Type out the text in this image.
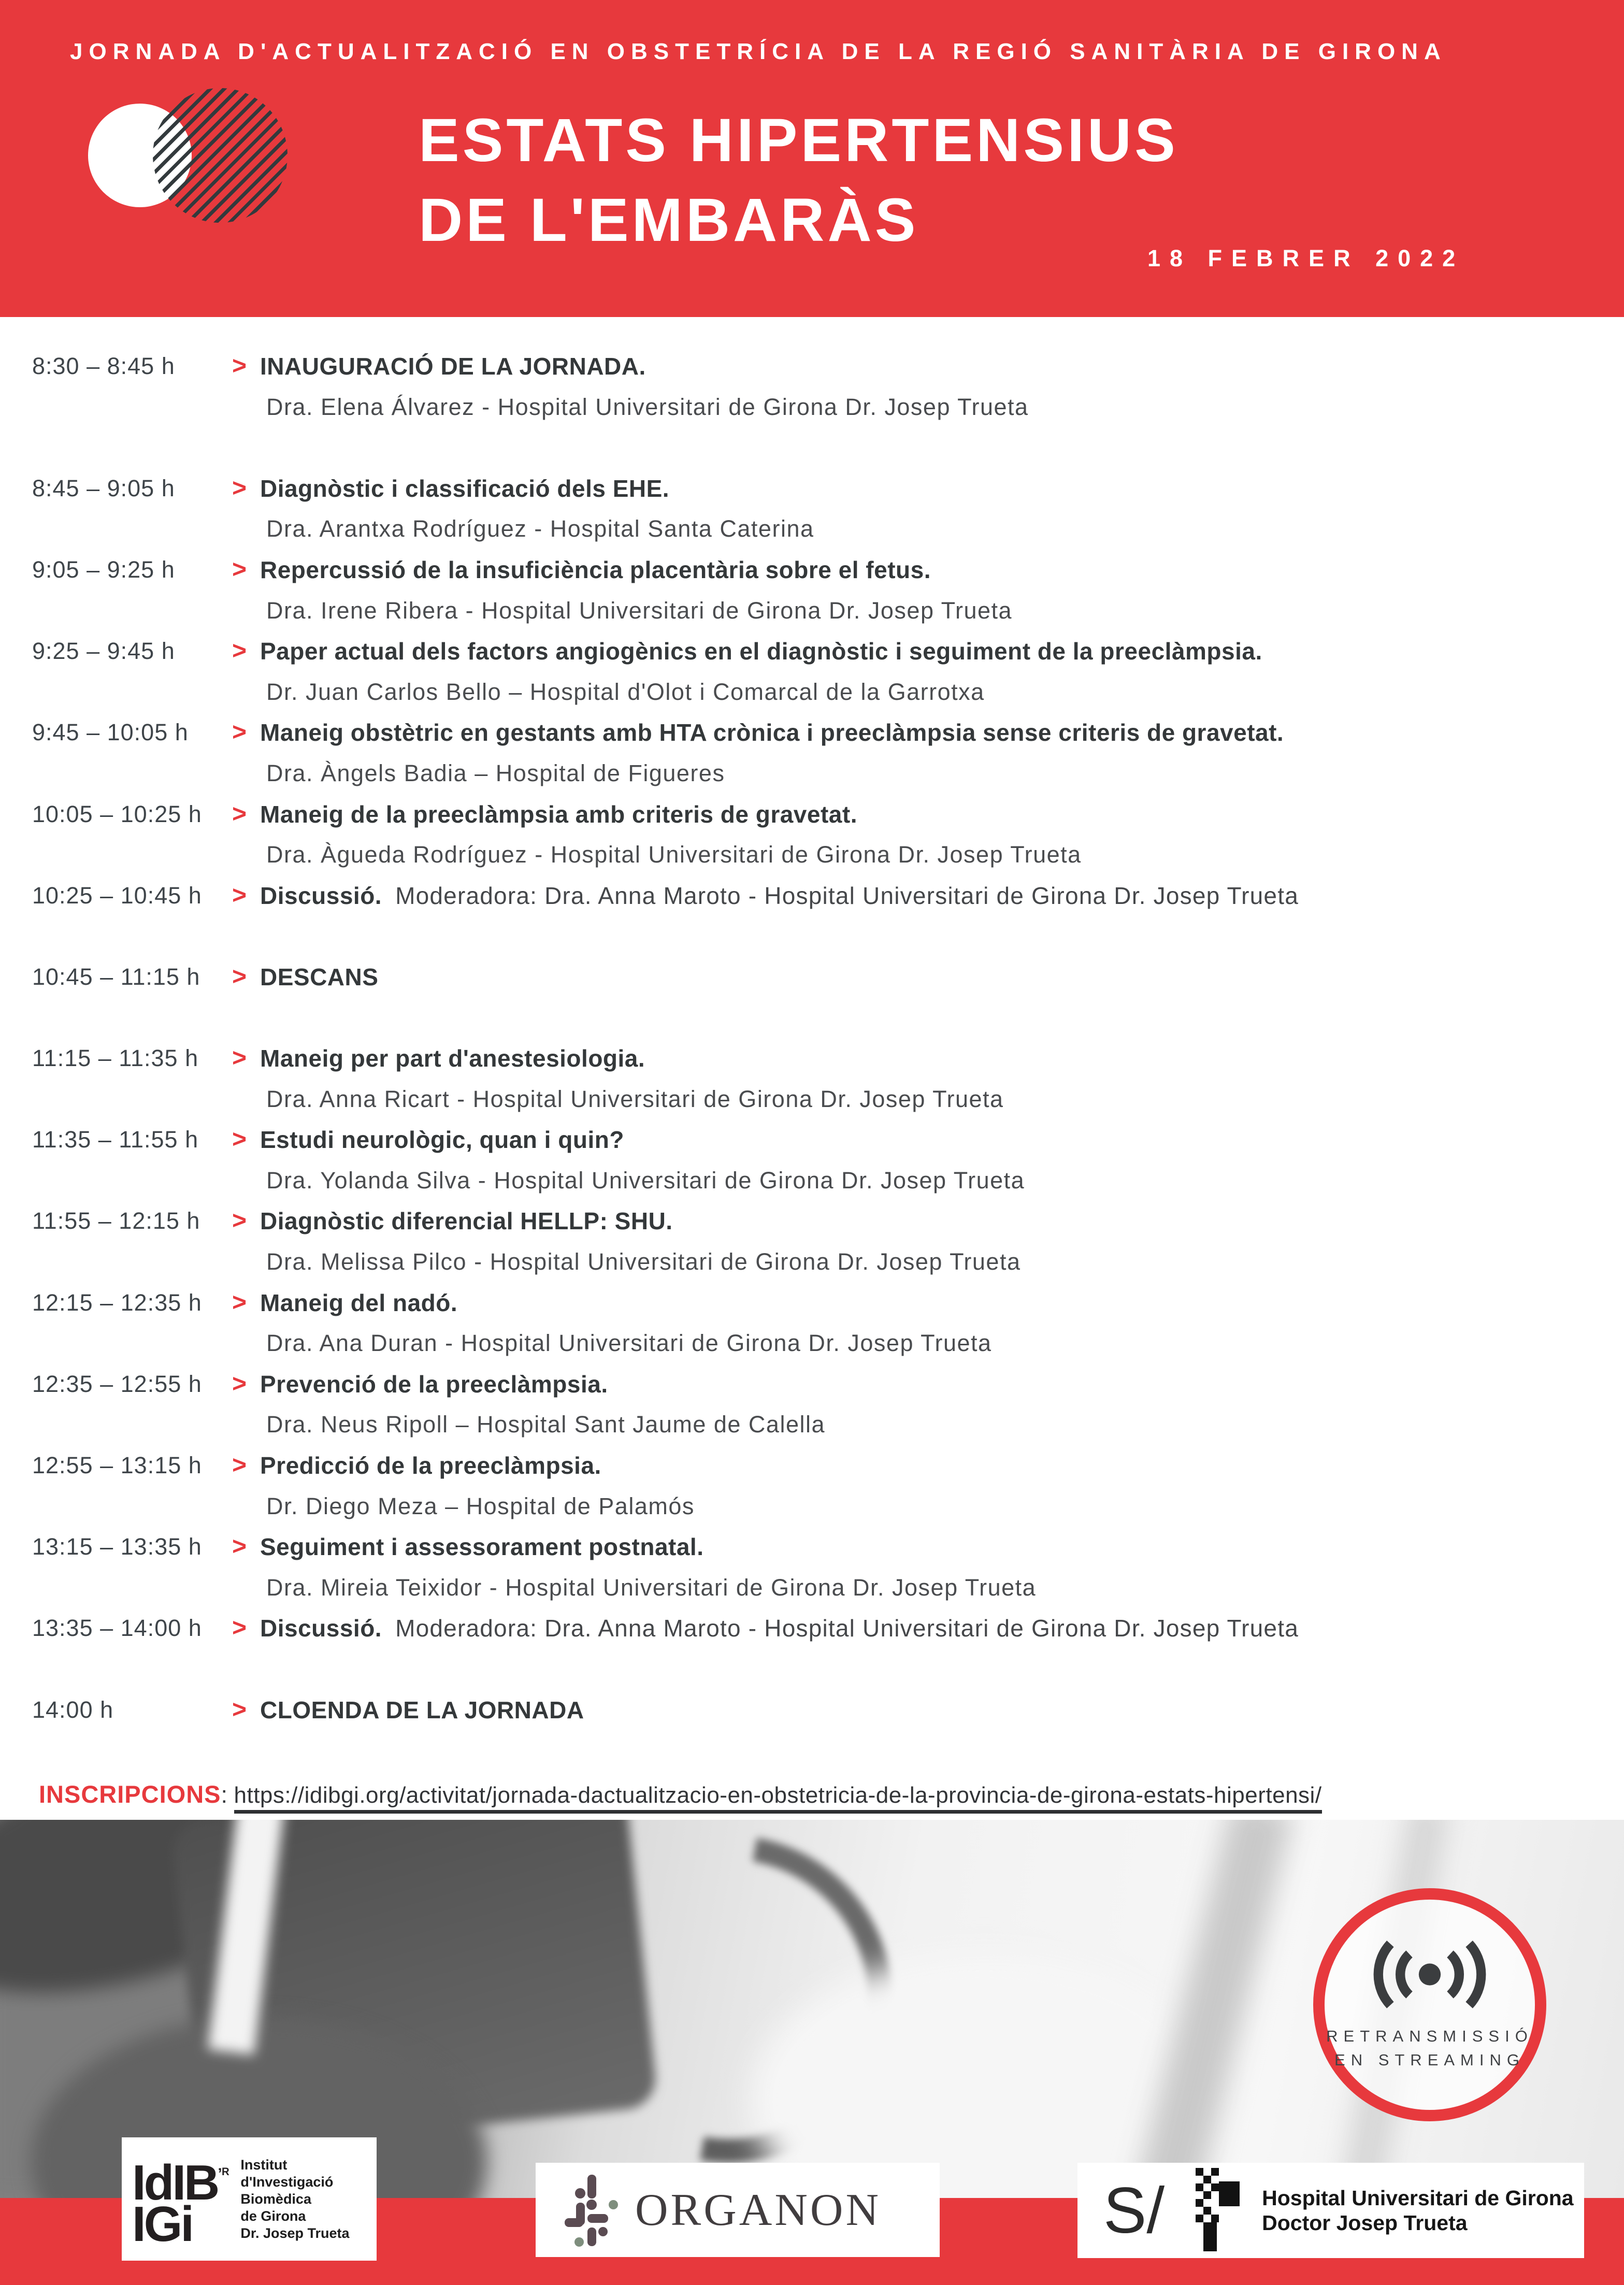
JORNADA D'ACTUALITZACIÓ EN OBSTETRÍCIA DE LA REGIÓ SANITÀRIA DE GIRONA
ESTATS HIPERTENSIUS
DE L'EMBARÀS
18 FEBRER 2022
8:30 – 8:45 h > INAUGURACIÓ DE LA JORNADA.
Dra. Elena Álvarez - Hospital Universitari de Girona Dr. Josep Trueta
8:45 – 9:05 h > Diagnòstic i classificació dels EHE.
Dra. Arantxa Rodríguez - Hospital Santa Caterina
9:05 – 9:25 h > Repercussió de la insuficiència placentària sobre el fetus.
Dra. Irene Ribera - Hospital Universitari de Girona Dr. Josep Trueta
9:25 – 9:45 h > Paper actual dels factors angiogènics en el diagnòstic i seguiment de la preeclàmpsia.
Dr. Juan Carlos Bello – Hospital d'Olot i Comarcal de la Garrotxa
9:45 – 10:05 h > Maneig obstètric en gestants amb HTA crònica i preeclàmpsia sense criteris de gravetat.
Dra. Àngels Badia – Hospital de Figueres
10:05 – 10:25 h > Maneig de la preeclàmpsia amb criteris de gravetat.
Dra. Àgueda Rodríguez - Hospital Universitari de Girona Dr. Josep Trueta
10:25 – 10:45 h > Discussió. Moderadora: Dra. Anna Maroto - Hospital Universitari de Girona Dr. Josep Trueta
10:45 – 11:15 h > DESCANS
11:15 – 11:35 h > Maneig per part d'anestesiologia.
Dra. Anna Ricart - Hospital Universitari de Girona Dr. Josep Trueta
11:35 – 11:55 h > Estudi neurològic, quan i quin?
Dra. Yolanda Silva - Hospital Universitari de Girona Dr. Josep Trueta
11:55 – 12:15 h > Diagnòstic diferencial HELLP: SHU.
Dra. Melissa Pilco - Hospital Universitari de Girona Dr. Josep Trueta
12:15 – 12:35 h > Maneig del nadó.
Dra. Ana Duran - Hospital Universitari de Girona Dr. Josep Trueta
12:35 – 12:55 h > Prevenció de la preeclàmpsia.
Dra. Neus Ripoll – Hospital Sant Jaume de Calella
12:55 – 13:15 h > Predicció de la preeclàmpsia.
Dr. Diego Meza – Hospital de Palamós
13:15 – 13:35 h > Seguiment i assessorament postnatal.
Dra. Mireia Teixidor - Hospital Universitari de Girona Dr. Josep Trueta
13:35 – 14:00 h > Discussió. Moderadora: Dra. Anna Maroto - Hospital Universitari de Girona Dr. Josep Trueta
14:00 h	> CLOENDA DE LA JORNADA
INSCRIPCIONS: https://idibgi.org/activitat/jornada-dactualitzacio-en-obstetricia-de-la-provincia-de-girona-estats-hipertensi/
RETRANSMISSIÓ
EN STREAMING
IdIB$^{’ᴿ}$
IGi
Institut
d'Investigació
Biomèdica
de Girona
Dr. Josep Trueta	ORGANON	S/	Hospital Universitari de Girona
Doctor Josep Trueta
